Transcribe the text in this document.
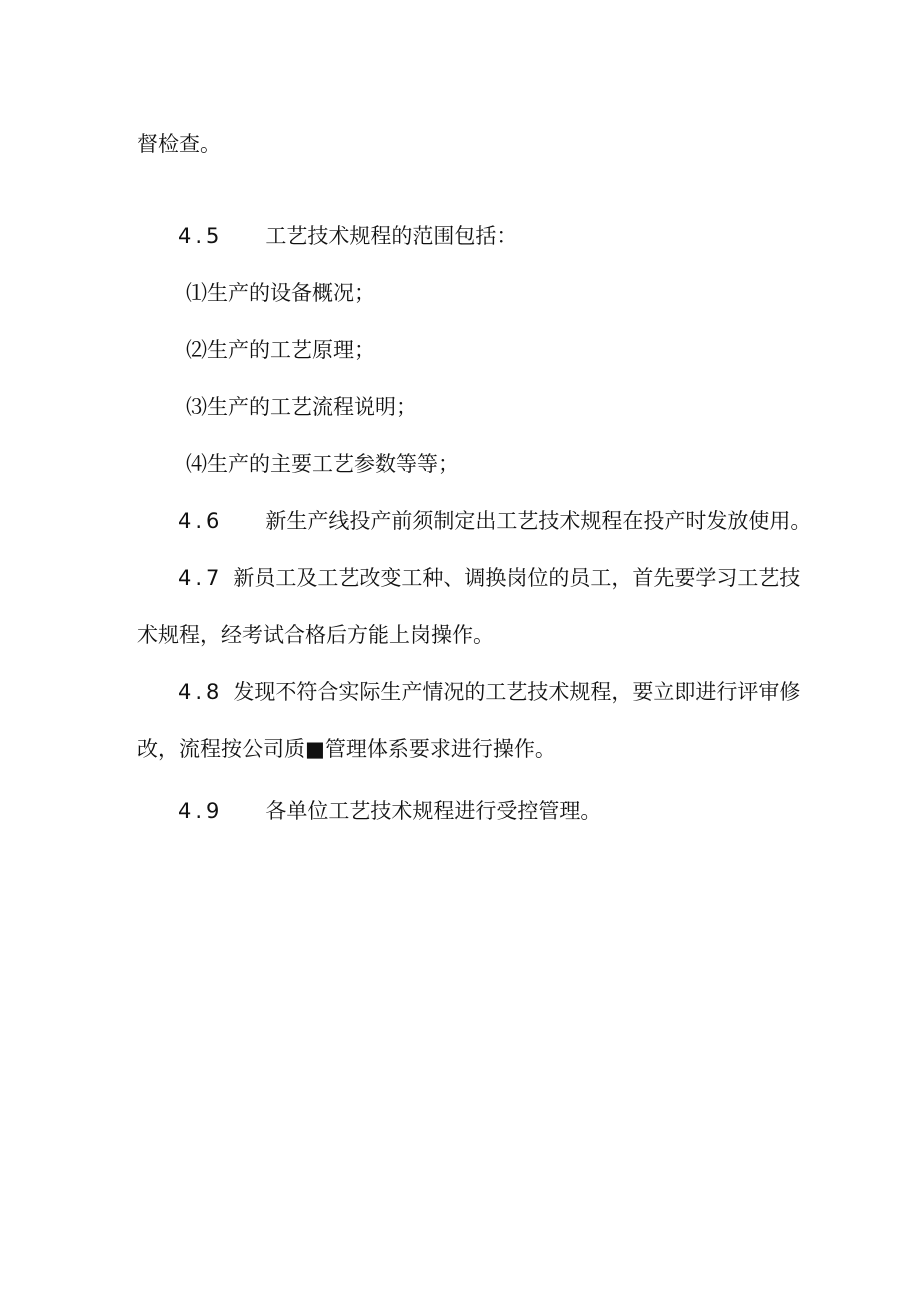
督检查。
4.5 工艺技术规程的范围包括：
⑴生产的设备概况；
⑵生产的工艺原理；
⑶生产的工艺流程说明；
⑷生产的主要工艺参数等等；
4.6 新生产线投产前须制定出工艺技术规程在投产时发放使用。
4.7 新员工及工艺改变工种、调换岗位的员工，首先要学习工艺技
术规程，经考试合格后方能上岗操作。
4.8 发现不符合实际生产情况的工艺技术规程，要立即进行评审修
改，流程按公司质■管理体系要求进行操作。
4.9 各单位工艺技术规程进行受控管理。
